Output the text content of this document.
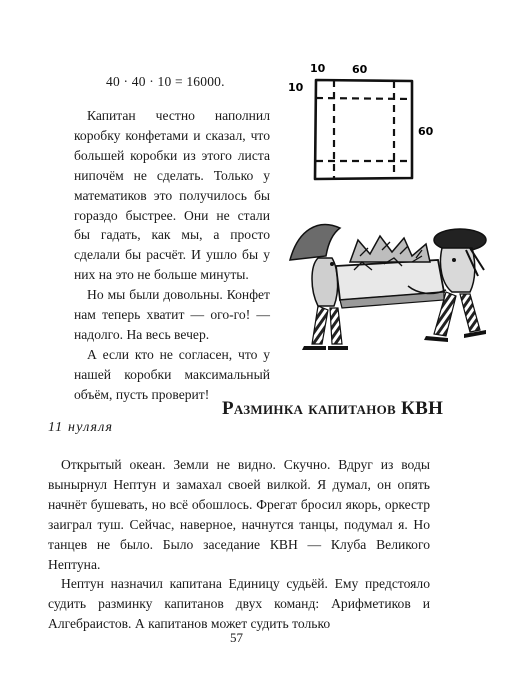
40 · 40 · 10 = 16000.

Капитан честно наполнил коробку конфетами и сказал, что большей коробки из этого листа нипочём не сделать. Только у математиков это получилось бы гораздо быстрее. Они не стали бы гадать, как мы, а просто сделали бы расчёт. И ушло бы у них на это не больше минуты.

Но мы были довольны. Конфет нам теперь хватит — ого-го! — надолго. На весь вечер.

А если кто не согласен, что у нашей коробки максимальный объём, пусть проверит!

10 60
10
60
Разминка капитанов КВН
11 нуляля

Открытый океан. Земли не видно. Скучно. Вдруг из воды вынырнул Нептун и замахал своей вилкой. Я думал, он опять начнёт бушевать, но всё обошлось. Фрегат бросил якорь, оркестр заиграл туш. Сейчас, наверное, начнутся танцы, подумал я. Но танцев не было. Было заседание КВН — Клуба Великого Нептуна.

Нептун назначил капитана Единицу судьёй. Ему предстояло судить разминку капитанов двух команд: Арифметиков и Алгебраистов. А капитанов может судить только

57
